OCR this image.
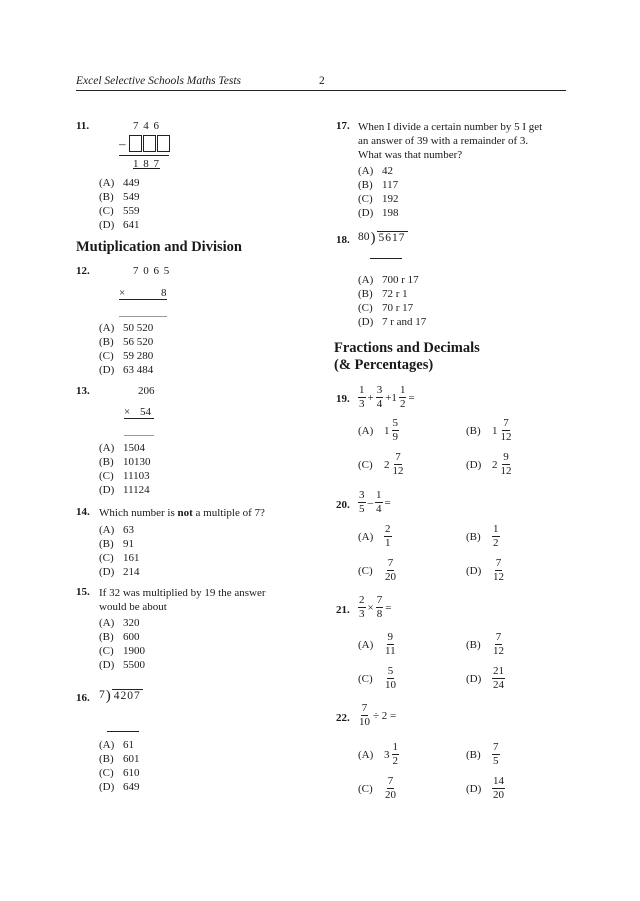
Excel Selective Schools Maths Tests	2
11.	7 4 6
–
1 8 7
(A) 449
(B) 549
(C) 559
(D) 641
Mutiplication and Division
12.	7 0 6 5
×	8
(A) 50 520
(B) 56 520
(C) 59 280
(D) 63 484
13.	206
× 54
(A) 1504
(B) 10130
(C) 11103
(D) 11124
14. Which number is not a multiple of 7?
(A) 63
(B) 91
(C) 161
(D) 214
15. If 32 was multiplied by 19 the answer
would be about
(A) 320
(B) 600
(C) 1900
(D) 5500
16. 7 ) 4207
(A) 61
(B) 601
(C) 610
(D) 649
17. When I divide a certain number by 5 I get
an answer of 39 with a remainder of 3.
What was that number?
(A) 42
(B) 117
(C) 192
(D) 198
18. 80 ) 5617
(A) 700 r 17
(B) 72 r 1
(C) 70 r 17
(D) 7 r and 17
Fractions and Decimals
(& Percentages)
19. $\frac{1}{3} + \frac{3}{4} +1 \frac{1}{2}$ =
(A) $1 \frac{5}{9}$	(B)	$1 \frac{7}{12}$
(C)	$2 \frac{7}{12}$	(D) $2 \frac{9}{12}$
20. $\frac{3}{5} - \frac{1}{4}$ =
$(A) \frac{2}{1}$	(B)	$\frac{1}{2}$
(C)	$\frac{7}{20}$	$(D) \frac{7}{12}$
21. $\frac{2}{3} \times \frac{7}{8}$ =
$(A) \frac{9}{11}$	(B)	$\frac{7}{12}$
(C)	$\frac{5}{10}$	$(D) \frac{21}{24}$
22. $\frac{7}{10} \div 2$ =
(A) $3 \frac{1}{2}$	(B)	$\frac{7}{5}$
(C)	$\frac{7}{20}$	$(D) \frac{14}{20}$
